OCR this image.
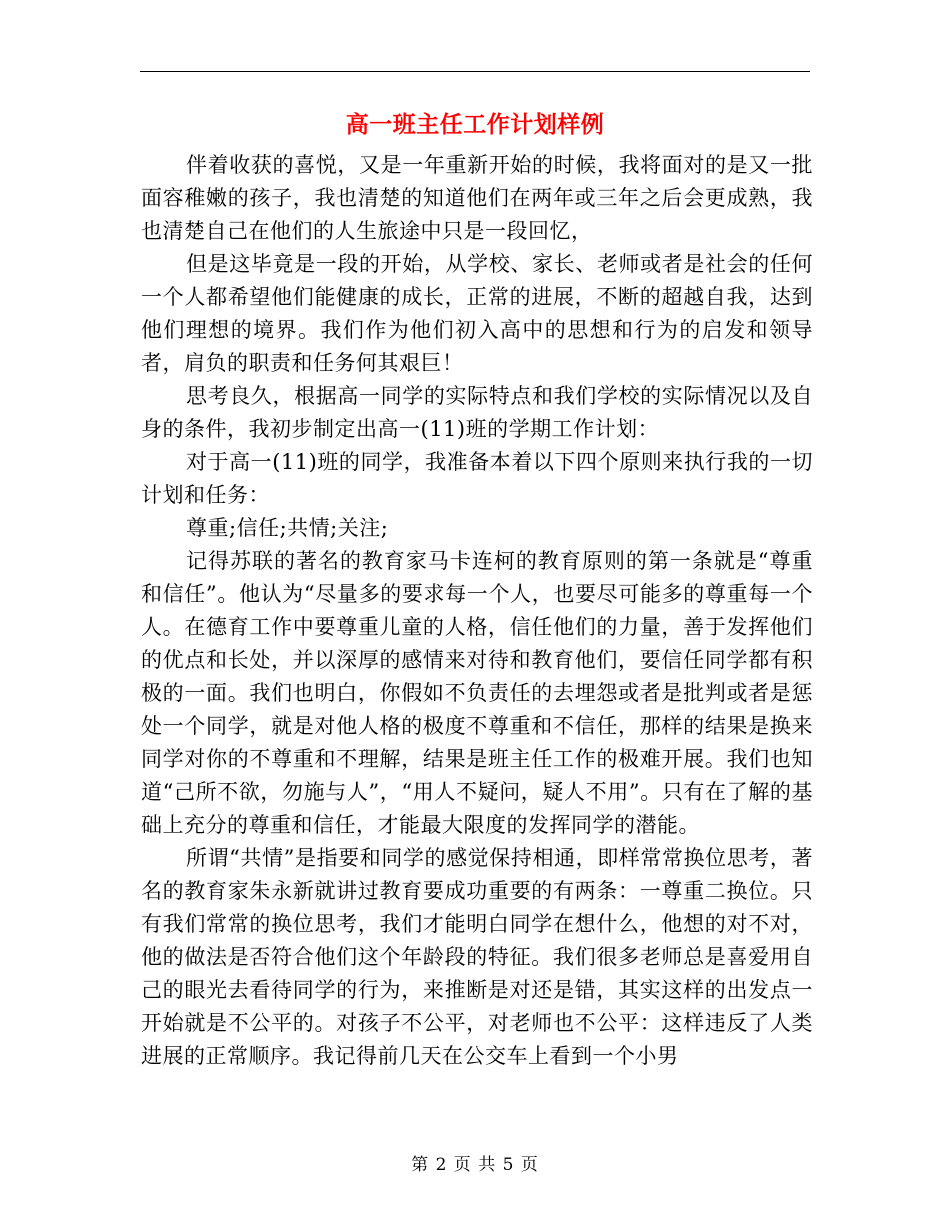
高一班主任工作计划样例

伴着收获的喜悦，又是一年重新开始的时候，我将面对的是又一批面容稚嫩的孩子，我也清楚的知道他们在两年或三年之后会更成熟，我也清楚自己在他们的人生旅途中只是一段回忆，

但是这毕竟是一段的开始，从学校、家长、老师或者是社会的任何一个人都希望他们能健康的成长，正常的进展，不断的超越自我，达到他们理想的境界。我们作为他们初入高中的思想和行为的启发和领导者，肩负的职责和任务何其艰巨！

思考良久，根据高一同学的实际特点和我们学校的实际情况以及自身的条件，我初步制定出高一(11)班的学期工作计划：

对于高一(11)班的同学，我准备本着以下四个原则来执行我的一切计划和任务：

尊重;信任;共情;关注;

记得苏联的著名的教育家马卡连柯的教育原则的第一条就是“尊重和信任”。他认为“尽量多的要求每一个人，也要尽可能多的尊重每一个人。在德育工作中要尊重儿童的人格，信任他们的力量，善于发挥他们的优点和长处，并以深厚的感情来对待和教育他们，要信任同学都有积极的一面。我们也明白，你假如不负责任的去埋怨或者是批判或者是惩处一个同学，就是对他人格的极度不尊重和不信任，那样的结果是换来同学对你的不尊重和不理解，结果是班主任工作的极难开展。我们也知道“己所不欲，勿施与人”，“用人不疑问，疑人不用”。只有在了解的基础上充分的尊重和信任，才能最大限度的发挥同学的潜能。

所谓“共情”是指要和同学的感觉保持相通，即样常常换位思考，著名的教育家朱永新就讲过教育要成功重要的有两条：一尊重二换位。只有我们常常的换位思考，我们才能明白同学在想什么，他想的对不对，他的做法是否符合他们这个年龄段的特征。我们很多老师总是喜爱用自己的眼光去看待同学的行为，来推断是对还是错，其实这样的出发点一开始就是不公平的。对孩子不公平，对老师也不公平：这样违反了人类进展的正常顺序。我记得前几天在公交车上看到一个小男

第 2 页 共 5 页
